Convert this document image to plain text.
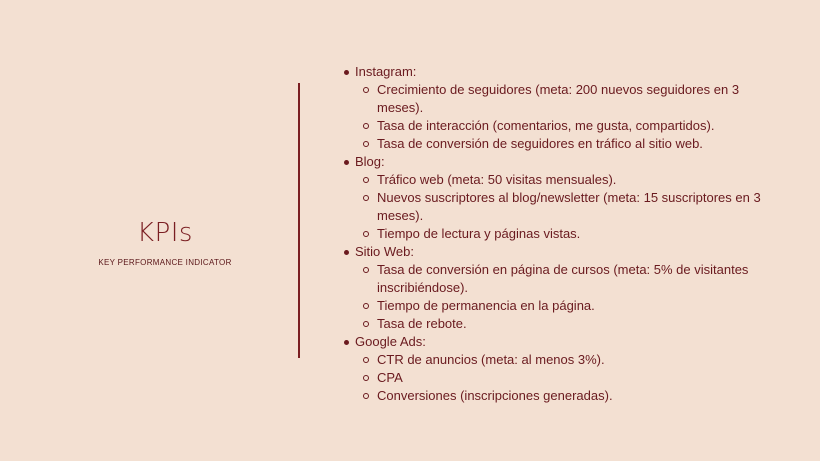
KPIs
KEY PERFORMANCE INDICATOR
Instagram:
Crecimiento de seguidores (meta: 200 nuevos seguidores en 3 meses).
Tasa de interacción (comentarios, me gusta, compartidos).
Tasa de conversión de seguidores en tráfico al sitio web.
Blog:
Tráfico web (meta: 50 visitas mensuales).
Nuevos suscriptores al blog/newsletter (meta: 15 suscriptores en 3 meses).
Tiempo de lectura y páginas vistas.
Sitio Web:
Tasa de conversión en página de cursos (meta: 5% de visitantes inscribiéndose).
Tiempo de permanencia en la página.
Tasa de rebote.
Google Ads:
CTR de anuncios (meta: al menos 3%).
CPA
Conversiones (inscripciones generadas).
